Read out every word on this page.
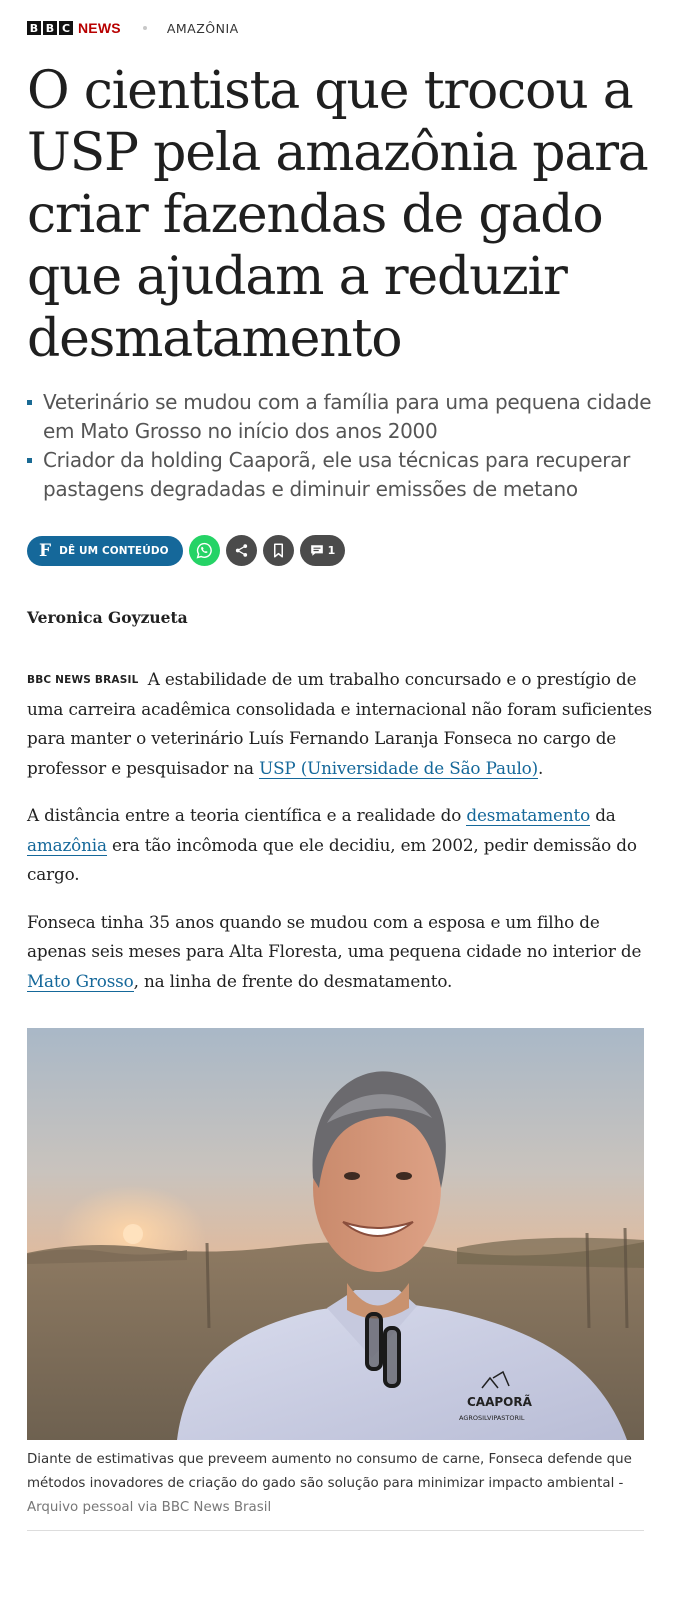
B B C NEWS	AMAZÔNIA
O cientista que trocou a USP pela amazônia para criar fazendas de gado que ajudam a reduzir desmatamento
Veterinário se mudou com a família para uma pequena cidade em Mato Grosso no início dos anos 2000
Criador da holding Caaporã, ele usa técnicas para recuperar pastagens degradadas e diminuir emissões de metano
F DÊ UM CONTEÚDO	1
Veronica Goyzueta

BBC NEWS BRASIL A estabilidade de um trabalho concursado e o prestígio de uma carreira acadêmica consolidada e internacional não foram suficientes para manter o veterinário Luís Fernando Laranja Fonseca no cargo de professor e pesquisador na USP (Universidade de São Paulo).

A distância entre a teoria científica e a realidade do desmatamento da amazônia era tão incômoda que ele decidiu, em 2002, pedir demissão do cargo.

Fonseca tinha 35 anos quando se mudou com a esposa e um filho de apenas seis meses para Alta Floresta, uma pequena cidade no interior de Mato Grosso, na linha de frente do desmatamento.

CAAPORÃ
AGROSILVIPASTORIL
Diante de estimativas que preveem aumento no consumo de carne, Fonseca defende que métodos inovadores de criação do gado são solução para minimizar impacto ambiental - Arquivo pessoal via BBC News Brasil
